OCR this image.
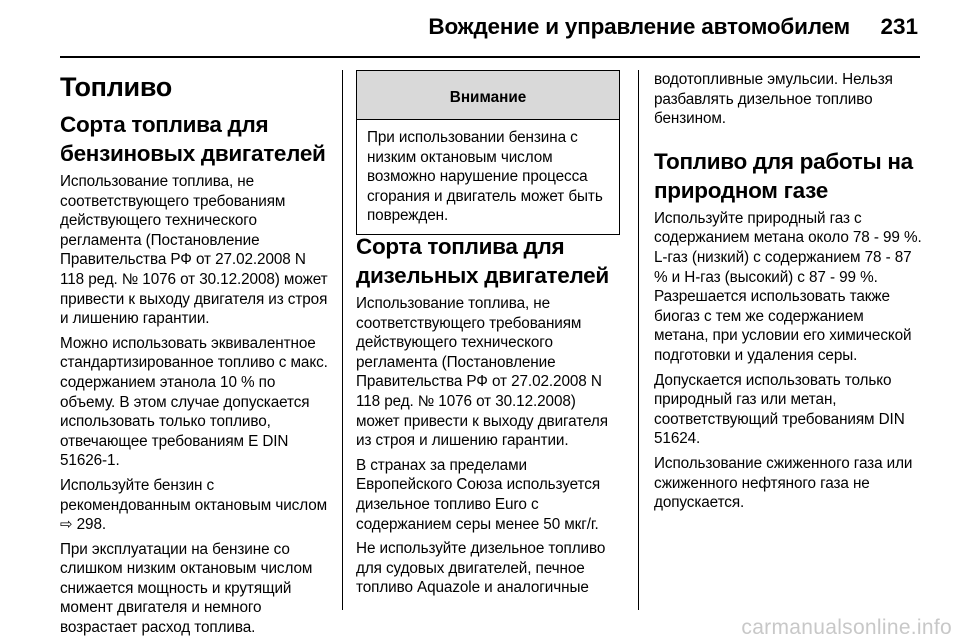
Вождение и управление автомобилем 231
Топливо
Сорта топлива для бензиновых двигателей

Использование топлива, не соответствующего требованиям действующего технического регламента (Постановление Правительства РФ от 27.02.2008 N 118 ред. № 1076 от 30.12.2008) может привести к выходу двигателя из строя и лишению гарантии.

Можно использовать эквивалентное стандартизированное топливо с макс. содержанием этанола 10 % по объему. В этом случае допускается использовать только топливо, отвечающее требованиям E DIN 51626-1.

Используйте бензин с рекомендованным октановым числом ⇨ 298.

При эксплуатации на бензине со слишком низким октановым числом снижается мощность и крутящий момент двигателя и немного возрастает расход топлива.

Внимание

При использовании бензина с низким октановым числом возможно нарушение процесса сгорания и двигатель может быть поврежден.

Сорта топлива для дизельных двигателей

Использование топлива, не соответствующего требованиям действующего технического регламента (Постановление Правительства РФ от 27.02.2008 N 118 ред. № 1076 от 30.12.2008) может привести к выходу двигателя из строя и лишению гарантии.

В странах за пределами Европейского Союза используется дизельное топливо Euro с содержанием серы менее 50 мкг/г.

Не используйте дизельное топливо для судовых двигателей, печное топливо Aquazole и аналогичные

водотопливные эмульсии. Нельзя разбавлять дизельное топливо бензином.

Топливо для работы на природном газе

Используйте природный газ с содержанием метана около 78 - 99 %. L-газ (низкий) с содержанием 78 - 87 % и H-газ (высокий) с 87 - 99 %. Разрешается использовать также биогаз с тем же содержанием метана, при условии его химической подготовки и удаления серы.

Допускается использовать только природный газ или метан, соответствующий требованиям DIN 51624.

Использование сжиженного газа или сжиженного нефтяного газа не допускается.

carmanualsonline.info
